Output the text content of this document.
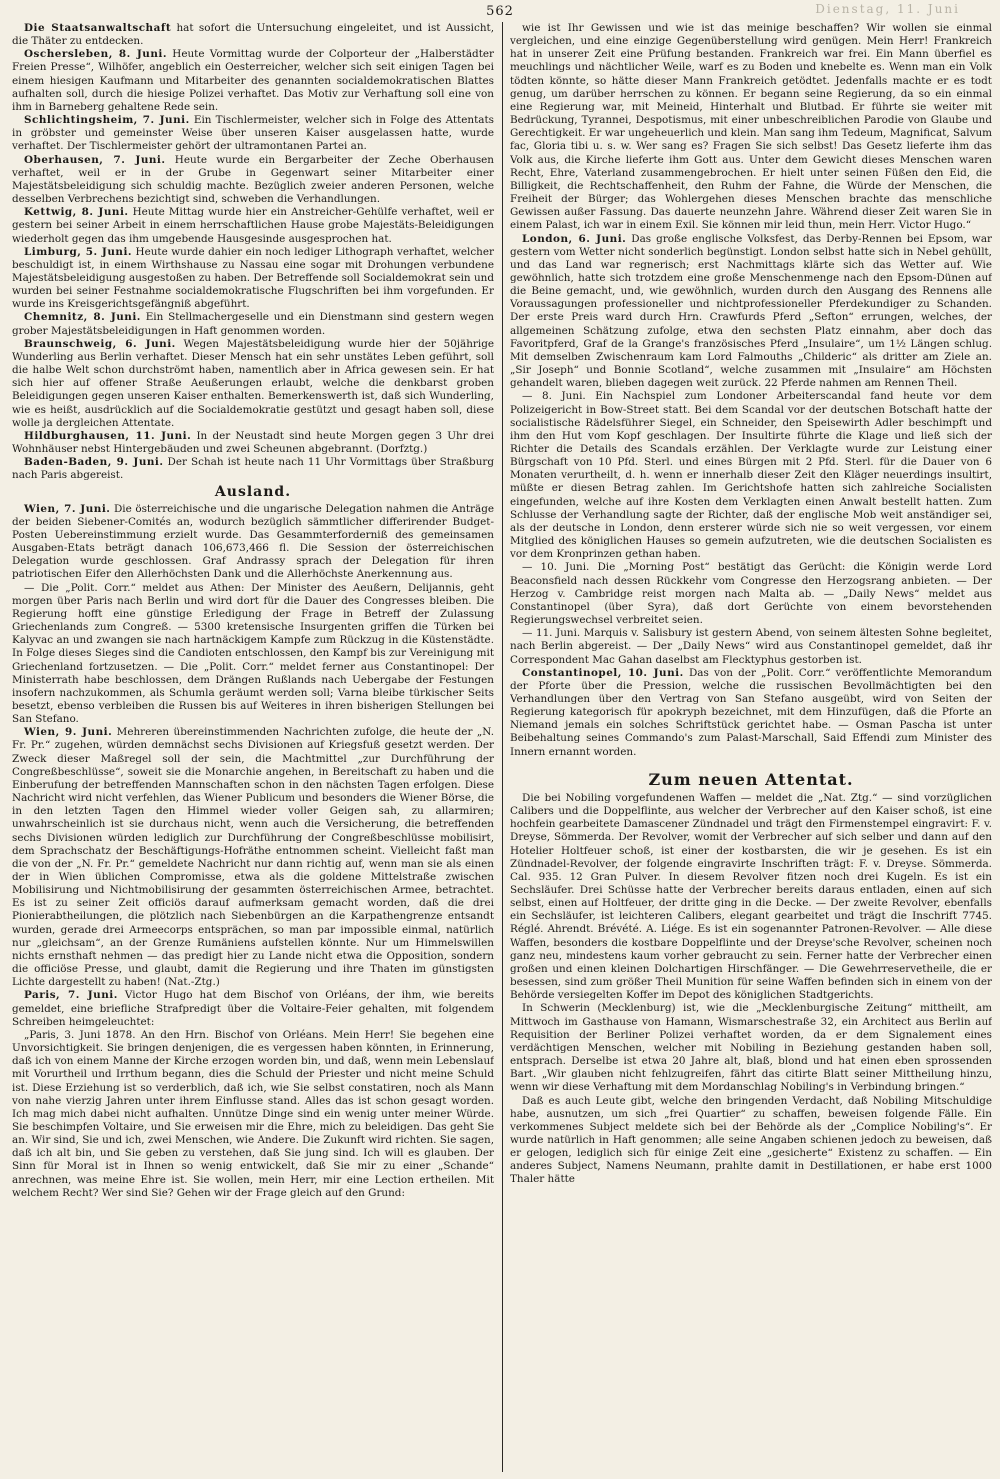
Dienstag, 11. Juni
562

Die Staatsanwaltschaft hat sofort die Untersuchung eingeleitet, und ist Aussicht, die Thäter zu entdecken.

Oschersleben, 8. Juni. Heute Vormittag wurde der Colporteur der „Halberstädter Freien Presse“, Wilhöfer, angeblich ein Oesterreicher, welcher sich seit einigen Tagen bei einem hiesigen Kaufmann und Mitarbeiter des genannten socialdemokratischen Blattes aufhalten soll, durch die hiesige Polizei verhaftet. Das Motiv zur Verhaftung soll eine von ihm in Barneberg gehaltene Rede sein.

Schlichtingsheim, 7. Juni. Ein Tischlermeister, welcher sich in Folge des Attentats in gröbster und gemeinster Weise über unseren Kaiser ausgelassen hatte, wurde verhaftet. Der Tischlermeister gehört der ultramontanen Partei an.

Oberhausen, 7. Juni. Heute wurde ein Bergarbeiter der Zeche Oberhausen verhaftet, weil er in der Grube in Gegenwart seiner Mitarbeiter einer Majestätsbeleidigung sich schuldig machte. Bezüglich zweier anderen Personen, welche desselben Verbrechens bezichtigt sind, schweben die Verhandlungen.

Kettwig, 8. Juni. Heute Mittag wurde hier ein Anstreicher-Gehülfe verhaftet, weil er gestern bei seiner Arbeit in einem herrschaftlichen Hause grobe Majestäts-Beleidigungen wiederholt gegen das ihm umgebende Hausgesinde ausgesprochen hat.

Limburg, 5. Juni. Heute wurde dahier ein noch lediger Lithograph verhaftet, welcher beschuldigt ist, in einem Wirthshause zu Nassau eine sogar mit Drohungen verbundene Majestätsbeleidigung ausgestoßen zu haben. Der Betreffende soll Socialdemokrat sein und wurden bei seiner Festnahme socialdemokratische Flugschriften bei ihm vorgefunden. Er wurde ins Kreisgerichtsgefängniß abgeführt.

Chemnitz, 8. Juni. Ein Stellmachergeselle und ein Dienstmann sind gestern wegen grober Majestätsbeleidigungen in Haft genommen worden.

Braunschweig, 6. Juni. Wegen Majestätsbeleidigung wurde hier der 50jährige Wunderling aus Berlin verhaftet. Dieser Mensch hat ein sehr unstätes Leben geführt, soll die halbe Welt schon durchströmt haben, namentlich aber in Africa gewesen sein. Er hat sich hier auf offener Straße Aeußerungen erlaubt, welche die denkbarst groben Beleidigungen gegen unseren Kaiser enthalten. Bemerkenswerth ist, daß sich Wunderling, wie es heißt, ausdrücklich auf die Socialdemokratie gestützt und gesagt haben soll, diese wolle ja dergleichen Attentate.

Hildburghausen, 11. Juni. In der Neustadt sind heute Morgen gegen 3 Uhr drei Wohnhäuser nebst Hintergebäuden und zwei Scheunen abgebrannt. (Dorfztg.)

Baden-Baden, 9. Juni. Der Schah ist heute nach 11 Uhr Vormittags über Straßburg nach Paris abgereist.

Ausland.

Wien, 7. Juni. Die österreichische und die ungarische Delegation nahmen die Anträge der beiden Siebener-Comités an, wodurch bezüglich sämmtlicher differirender Budget-Posten Uebereinstimmung erzielt wurde. Das Gesammterforderniß des gemeinsamen Ausgaben-Etats beträgt danach 106,673,466 fl. Die Session der österreichischen Delegation wurde geschlossen. Graf Andrassy sprach der Delegation für ihren patriotischen Eifer den Allerhöchsten Dank und die Allerhöchste Anerkennung aus.

— Die „Polit. Corr.“ meldet aus Athen: Der Minister des Aeußern, Delijannis, geht morgen über Paris nach Berlin und wird dort für die Dauer des Congresses bleiben. Die Regierung hofft eine günstige Erledigung der Frage in Betreff der Zulassung Griechenlands zum Congreß. — 5300 kretensische Insurgenten griffen die Türken bei Kalyvac an und zwangen sie nach hartnäckigem Kampfe zum Rückzug in die Küstenstädte. In Folge dieses Sieges sind die Candioten entschlossen, den Kampf bis zur Vereinigung mit Griechenland fortzusetzen. — Die „Polit. Corr.“ meldet ferner aus Constantinopel: Der Ministerrath habe beschlossen, dem Drängen Rußlands nach Uebergabe der Festungen insofern nachzukommen, als Schumla geräumt werden soll; Varna bleibe türkischer Seits besetzt, ebenso verbleiben die Russen bis auf Weiteres in ihren bisherigen Stellungen bei San Stefano.

Wien, 9. Juni. Mehreren übereinstimmenden Nachrichten zufolge, die heute der „N. Fr. Pr.“ zugehen, würden demnächst sechs Divisionen auf Kriegsfuß gesetzt werden. Der Zweck dieser Maßregel soll der sein, die Machtmittel „zur Durchführung der Congreßbeschlüsse“, soweit sie die Monarchie angehen, in Bereitschaft zu haben und die Einberufung der betreffenden Mannschaften schon in den nächsten Tagen erfolgen. Diese Nachricht wird nicht verfehlen, das Wiener Publicum und besonders die Wiener Börse, die in den letzten Tagen den Himmel wieder voller Geigen sah, zu allarmiren; unwahrscheinlich ist sie durchaus nicht, wenn auch die Versicherung, die betreffenden sechs Divisionen würden lediglich zur Durchführung der Congreßbeschlüsse mobilisirt, dem Sprachschatz der Beschäftigungs-Hofräthe entnommen scheint. Vielleicht faßt man die von der „N. Fr. Pr.“ gemeldete Nachricht nur dann richtig auf, wenn man sie als einen der in Wien üblichen Compromisse, etwa als die goldene Mittelstraße zwischen Mobilisirung und Nichtmobilisirung der gesammten österreichischen Armee, betrachtet. Es ist zu seiner Zeit officiös darauf aufmerksam gemacht worden, daß die drei Pionierabtheilungen, die plötzlich nach Siebenbürgen an die Karpathengrenze entsandt wurden, gerade drei Armeecorps entsprächen, so man par impossible einmal, natürlich nur „gleichsam“, an der Grenze Rumäniens aufstellen könnte. Nur um Himmelswillen nichts ernsthaft nehmen — das predigt hier zu Lande nicht etwa die Opposition, sondern die officiöse Presse, und glaubt, damit die Regierung und ihre Thaten im günstigsten Lichte dargestellt zu haben! (Nat.-Ztg.)

Paris, 7. Juni. Victor Hugo hat dem Bischof von Orléans, der ihm, wie bereits gemeldet, eine briefliche Strafpredigt über die Voltaire-Feier gehalten, mit folgendem Schreiben heimgeleuchtet:

„Paris, 3. Juni 1878. An den Hrn. Bischof von Orléans. Mein Herr! Sie begehen eine Unvorsichtigkeit. Sie bringen denjenigen, die es vergessen haben könnten, in Erinnerung, daß ich von einem Manne der Kirche erzogen worden bin, und daß, wenn mein Lebenslauf mit Vorurtheil und Irrthum begann, dies die Schuld der Priester und nicht meine Schuld ist. Diese Erziehung ist so verderblich, daß ich, wie Sie selbst constatiren, noch als Mann von nahe vierzig Jahren unter ihrem Einflusse stand. Alles das ist schon gesagt worden. Ich mag mich dabei nicht aufhalten. Unnütze Dinge sind ein wenig unter meiner Würde. Sie beschimpfen Voltaire, und Sie erweisen mir die Ehre, mich zu beleidigen. Das geht Sie an. Wir sind, Sie und ich, zwei Menschen, wie Andere. Die Zukunft wird richten. Sie sagen, daß ich alt bin, und Sie geben zu verstehen, daß Sie jung sind. Ich will es glauben. Der Sinn für Moral ist in Ihnen so wenig entwickelt, daß Sie mir zu einer „Schande“ anrechnen, was meine Ehre ist. Sie wollen, mein Herr, mir eine Lection ertheilen. Mit welchem Recht? Wer sind Sie? Gehen wir der Frage gleich auf den Grund:

wie ist Ihr Gewissen und wie ist das meinige beschaffen? Wir wollen sie einmal vergleichen, und eine einzige Gegenüberstellung wird genügen. Mein Herr! Frankreich hat in unserer Zeit eine Prüfung bestanden. Frankreich war frei. Ein Mann überfiel es meuchlings und nächtlicher Weile, warf es zu Boden und knebelte es. Wenn man ein Volk tödten könnte, so hätte dieser Mann Frankreich getödtet. Jedenfalls machte er es todt genug, um darüber herrschen zu können. Er begann seine Regierung, da so ein einmal eine Regierung war, mit Meineid, Hinterhalt und Blutbad. Er führte sie weiter mit Bedrückung, Tyrannei, Despotismus, mit einer unbeschreiblichen Parodie von Glaube und Gerechtigkeit. Er war ungeheuerlich und klein. Man sang ihm Tedeum, Magnificat, Salvum fac, Gloria tibi u. s. w. Wer sang es? Fragen Sie sich selbst! Das Gesetz lieferte ihm das Volk aus, die Kirche lieferte ihm Gott aus. Unter dem Gewicht dieses Menschen waren Recht, Ehre, Vaterland zusammengebrochen. Er hielt unter seinen Füßen den Eid, die Billigkeit, die Rechtschaffenheit, den Ruhm der Fahne, die Würde der Menschen, die Freiheit der Bürger; das Wohlergehen dieses Menschen brachte das menschliche Gewissen außer Fassung. Das dauerte neunzehn Jahre. Während dieser Zeit waren Sie in einem Palast, ich war in einem Exil. Sie können mir leid thun, mein Herr. Victor Hugo.“

London, 6. Juni. Das große englische Volksfest, das Derby-Rennen bei Epsom, war gestern vom Wetter nicht sonderlich begünstigt. London selbst hatte sich in Nebel gehüllt, und das Land war regnerisch; erst Nachmittags klärte sich das Wetter auf. Wie gewöhnlich, hatte sich trotzdem eine große Menschenmenge nach den Epsom-Dünen auf die Beine gemacht, und, wie gewöhnlich, wurden durch den Ausgang des Rennens alle Voraussagungen professioneller und nichtprofessioneller Pferdekundiger zu Schanden. Der erste Preis ward durch Hrn. Crawfurds Pferd „Sefton“ errungen, welches, der allgemeinen Schätzung zufolge, etwa den sechsten Platz einnahm, aber doch das Favoritpferd, Graf de la Grange's französisches Pferd „Insulaire“, um 1½ Längen schlug. Mit demselben Zwischenraum kam Lord Falmouths „Childeric“ als dritter am Ziele an. „Sir Joseph“ und Bonnie Scotland“, welche zusammen mit „Insulaire“ am Höchsten gehandelt waren, blieben dagegen weit zurück. 22 Pferde nahmen am Rennen Theil.

— 8. Juni. Ein Nachspiel zum Londoner Arbeiterscandal fand heute vor dem Polizeigericht in Bow-Street statt. Bei dem Scandal vor der deutschen Botschaft hatte der socialistische Rädelsführer Siegel, ein Schneider, den Speisewirth Adler beschimpft und ihm den Hut vom Kopf geschlagen. Der Insultirte führte die Klage und ließ sich der Richter die Details des Scandals erzählen. Der Verklagte wurde zur Leistung einer Bürgschaft von 10 Pfd. Sterl. und eines Bürgen mit 2 Pfd. Sterl. für die Dauer von 6 Monaten verurtheilt, d. h. wenn er innerhalb dieser Zeit den Kläger neuerdings insultirt, müßte er diesen Betrag zahlen. Im Gerichtshofe hatten sich zahlreiche Socialisten eingefunden, welche auf ihre Kosten dem Verklagten einen Anwalt bestellt hatten. Zum Schlusse der Verhandlung sagte der Richter, daß der englische Mob weit anständiger sei, als der deutsche in London, denn ersterer würde sich nie so weit vergessen, vor einem Mitglied des königlichen Hauses so gemein aufzutreten, wie die deutschen Socialisten es vor dem Kronprinzen gethan haben.

— 10. Juni. Die „Morning Post“ bestätigt das Gerücht: die Königin werde Lord Beaconsfield nach dessen Rückkehr vom Congresse den Herzogsrang anbieten. — Der Herzog v. Cambridge reist morgen nach Malta ab. — „Daily News“ meldet aus Constantinopel (über Syra), daß dort Gerüchte von einem bevorstehenden Regierungswechsel verbreitet seien.

— 11. Juni. Marquis v. Salisbury ist gestern Abend, von seinem ältesten Sohne begleitet, nach Berlin abgereist. — Der „Daily News“ wird aus Constantinopel gemeldet, daß ihr Correspondent Mac Gahan daselbst am Flecktyphus gestorben ist.

Constantinopel, 10. Juni. Das von der „Polit. Corr.“ veröffentlichte Memorandum der Pforte über die Pression, welche die russischen Bevollmächtigten bei den Verhandlungen über den Vertrag von San Stefano ausgeübt, wird von Seiten der Regierung kategorisch für apokryph bezeichnet, mit dem Hinzufügen, daß die Pforte an Niemand jemals ein solches Schriftstück gerichtet habe. — Osman Pascha ist unter Beibehaltung seines Commando's zum Palast-Marschall, Said Effendi zum Minister des Innern ernannt worden.

Zum neuen Attentat.

Die bei Nobiling vorgefundenen Waffen — meldet die „Nat. Ztg.“ — sind vorzüglichen Calibers und die Doppelflinte, aus welcher der Verbrecher auf den Kaiser schoß, ist eine hochfein gearbeitete Damascener Zündnadel und trägt den Firmenstempel eingravirt: F. v. Dreyse, Sömmerda. Der Revolver, womit der Verbrecher auf sich selber und dann auf den Hotelier Holtfeuer schoß, ist einer der kostbarsten, die wir je gesehen. Es ist ein Zündnadel-Revolver, der folgende eingravirte Inschriften trägt: F. v. Dreyse. Sömmerda. Cal. 935. 12 Gran Pulver. In diesem Revolver fitzen noch drei Kugeln. Es ist ein Sechsläufer. Drei Schüsse hatte der Verbrecher bereits daraus entladen, einen auf sich selbst, einen auf Holtfeuer, der dritte ging in die Decke. — Der zweite Revolver, ebenfalls ein Sechsläufer, ist leichteren Calibers, elegant gearbeitet und trägt die Inschrift 7745. Réglé. Ahrendt. Brévété. A. Liége. Es ist ein sogenannter Patronen-Revolver. — Alle diese Waffen, besonders die kostbare Doppelflinte und der Dreyse'sche Revolver, scheinen noch ganz neu, mindestens kaum vorher gebraucht zu sein. Ferner hatte der Verbrecher einen großen und einen kleinen Dolchartigen Hirschfänger. — Die Gewehrreservetheile, die er besessen, sind zum größer Theil Munition für seine Waffen befinden sich in einem von der Behörde versiegelten Koffer im Depot des königlichen Stadtgerichts.

In Schwerin (Mecklenburg) ist, wie die „Mecklenburgische Zeitung“ mittheilt, am Mittwoch im Gasthause von Hamann, Wismarschestraße 32, ein Architect aus Berlin auf Requisition der Berliner Polizei verhaftet worden, da er dem Signalement eines verdächtigen Menschen, welcher mit Nobiling in Beziehung gestanden haben soll, entsprach. Derselbe ist etwa 20 Jahre alt, blaß, blond und hat einen eben sprossenden Bart. „Wir glauben nicht fehlzugreifen, fährt das citirte Blatt seiner Mittheilung hinzu, wenn wir diese Verhaftung mit dem Mordanschlag Nobiling's in Verbindung bringen.“

Daß es auch Leute gibt, welche den bringenden Verdacht, daß Nobiling Mitschuldige habe, ausnutzen, um sich „frei Quartier“ zu schaffen, beweisen folgende Fälle. Ein verkommenes Subject meldete sich bei der Behörde als der „Complice Nobiling's“. Er wurde natürlich in Haft genommen; alle seine Angaben schienen jedoch zu beweisen, daß er gelogen, lediglich sich für einige Zeit eine „gesicherte“ Existenz zu schaffen. — Ein anderes Subject, Namens Neumann, prahlte damit in Destillationen, er habe erst 1000 Thaler hätte
